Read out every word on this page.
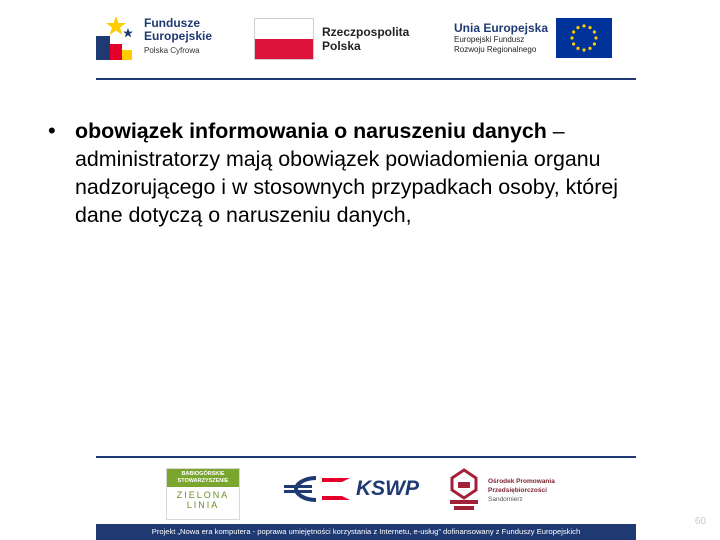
Fundusze
Europejskie
Polska Cyfrowa
Rzeczpospolita
Polska
Unia Europejska
Europejski Fundusz
Rozwoju Regionalnego
• obowiązek informowania o naruszeniu danych – administratorzy mają obowiązek powiadomienia organu nadzorującego i w stosownych przypadkach osoby, której dane dotyczą o naruszeniu danych,
BABIOGÓRSKIE STOWARZYSZENIE
ZIELONA
LINIA
KSWP	Ośrodek Promowania
Przedsiębiorczości
Sandomierz
Projekt „Nowa era komputera - poprawa umiejętności korzystania z Internetu, e-usług” dofinansowany z Funduszy Europejskich
60
